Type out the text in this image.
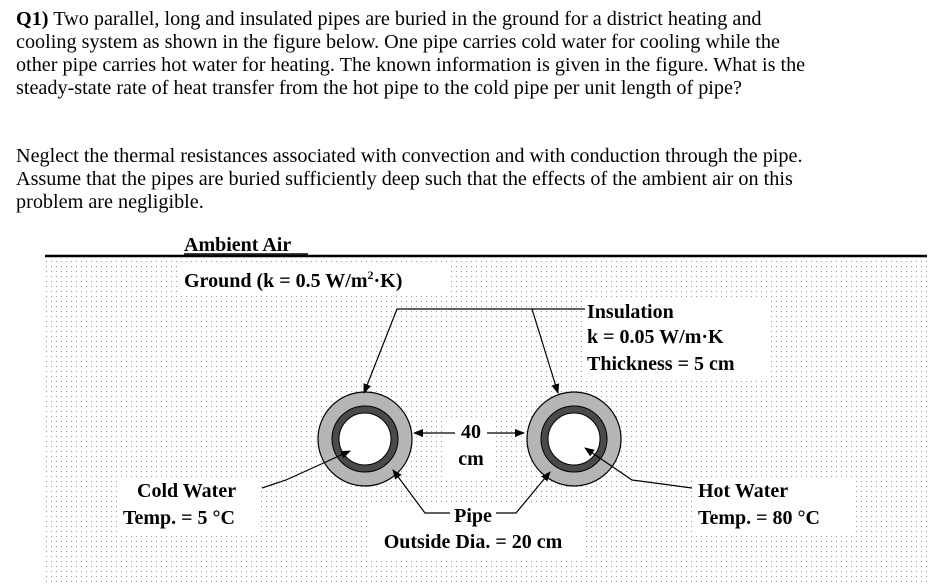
Q1) Two parallel, long and insulated pipes are buried in the ground for a district heating and
cooling system as shown in the figure below. One pipe carries cold water for cooling while the
other pipe carries hot water for heating. The known information is given in the figure. What is the
steady-state rate of heat transfer from the hot pipe to the cold pipe per unit length of pipe?
Neglect the thermal resistances associated with convection and with conduction through the pipe.
Assume that the pipes are buried sufficiently deep such that the effects of the ambient air on this
problem are negligible.
Ambient Air
Ground (k = 0.5 $W/m^2\cdot K$)
Insulation
k = 0.05 W/m·K
Thickness = 5 cm
40
cm
Cold Water
Temp. = 5 °C
Hot Water
Temp. = 80 °C
Pipe
Outside Dia. = 20 cm
